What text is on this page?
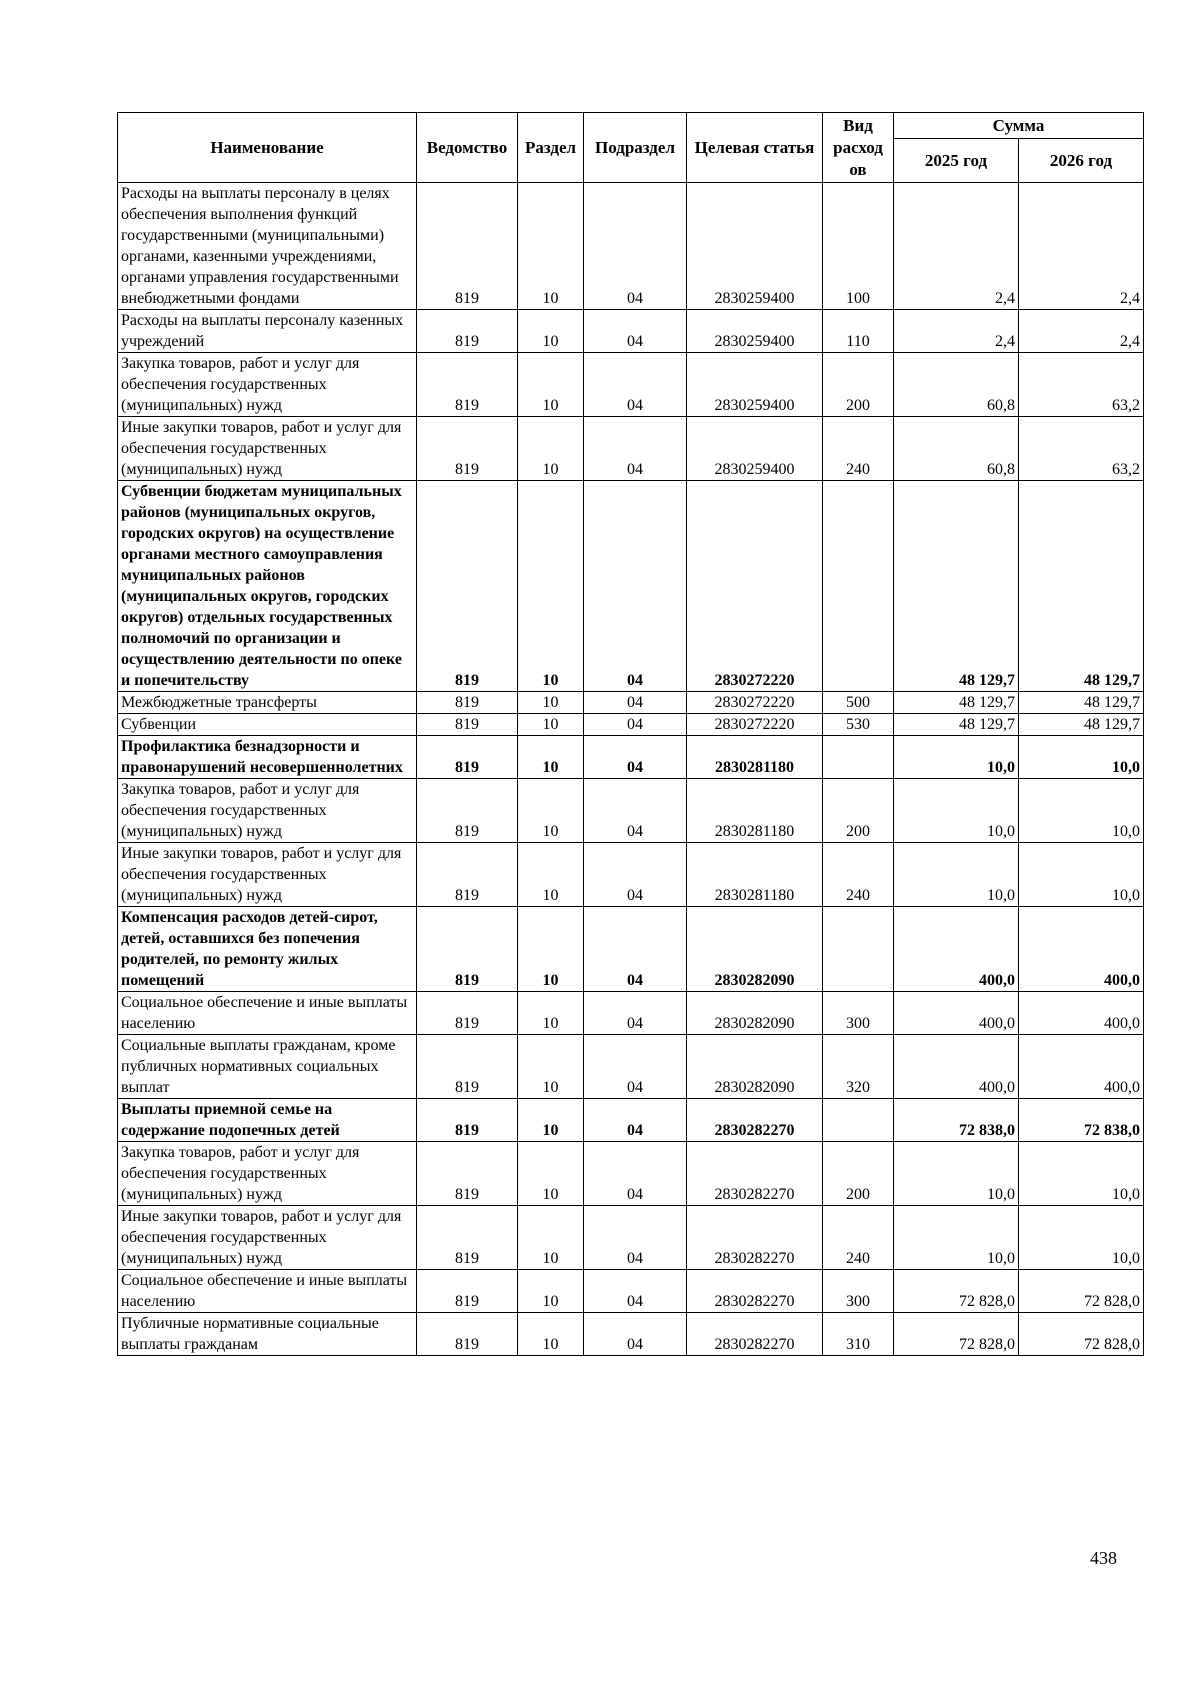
Наименование	Ведомство	Раздел	Подраздел	Целевая статья	Вид расход ов	Сумма	
						2025 год	2026 год
Расходы на выплаты персоналу в целях обеспечения выполнения функций государственными (муниципальными) органами, казенными учреждениями, органами управления государственными внебюджетными фондами	819	10	04	2830259400	100	2,4	2,4
Расходы на выплаты персоналу казенных учреждений	819	10	04	2830259400	110	2,4	2,4
Закупка товаров, работ и услуг для обеспечения государственных (муниципальных) нужд	819	10	04	2830259400	200	60,8	63,2
Иные закупки товаров, работ и услуг для обеспечения государственных (муниципальных) нужд	819	10	04	2830259400	240	60,8	63,2
Субвенции бюджетам муниципальных районов (муниципальных округов, городских округов) на осуществление органами местного самоуправления муниципальных районов (муниципальных округов, городских округов) отдельных государственных полномочий по организации и осуществлению деятельности по опеке и попечительству	819	10	04	2830272220		48 129,7	48 129,7
Межбюджетные трансферты	819	10	04	2830272220	500	48 129,7	48 129,7
Субвенции	819	10	04	2830272220	530	48 129,7	48 129,7
Профилактика безнадзорности и правонарушений несовершеннолетних	819	10	04	2830281180		10,0	10,0
Закупка товаров, работ и услуг для обеспечения государственных (муниципальных) нужд	819	10	04	2830281180	200	10,0	10,0
Иные закупки товаров, работ и услуг для обеспечения государственных (муниципальных) нужд	819	10	04	2830281180	240	10,0	10,0
Компенсация расходов детей-сирот, детей, оставшихся без попечения родителей, по ремонту жилых помещений	819	10	04	2830282090		400,0	400,0
Социальное обеспечение и иные выплаты населению	819	10	04	2830282090	300	400,0	400,0
Социальные выплаты гражданам, кроме публичных нормативных социальных выплат	819	10	04	2830282090	320	400,0	400,0
Выплаты приемной семье на содержание подопечных детей	819	10	04	2830282270		72 838,0	72 838,0
Закупка товаров, работ и услуг для обеспечения государственных (муниципальных) нужд	819	10	04	2830282270	200	10,0	10,0
Иные закупки товаров, работ и услуг для обеспечения государственных (муниципальных) нужд	819	10	04	2830282270	240	10,0	10,0
Социальное обеспечение и иные выплаты населению	819	10	04	2830282270	300	72 828,0	72 828,0
Публичные нормативные социальные выплаты гражданам	819	10	04	2830282270	310	72 828,0	72 828,0
438
